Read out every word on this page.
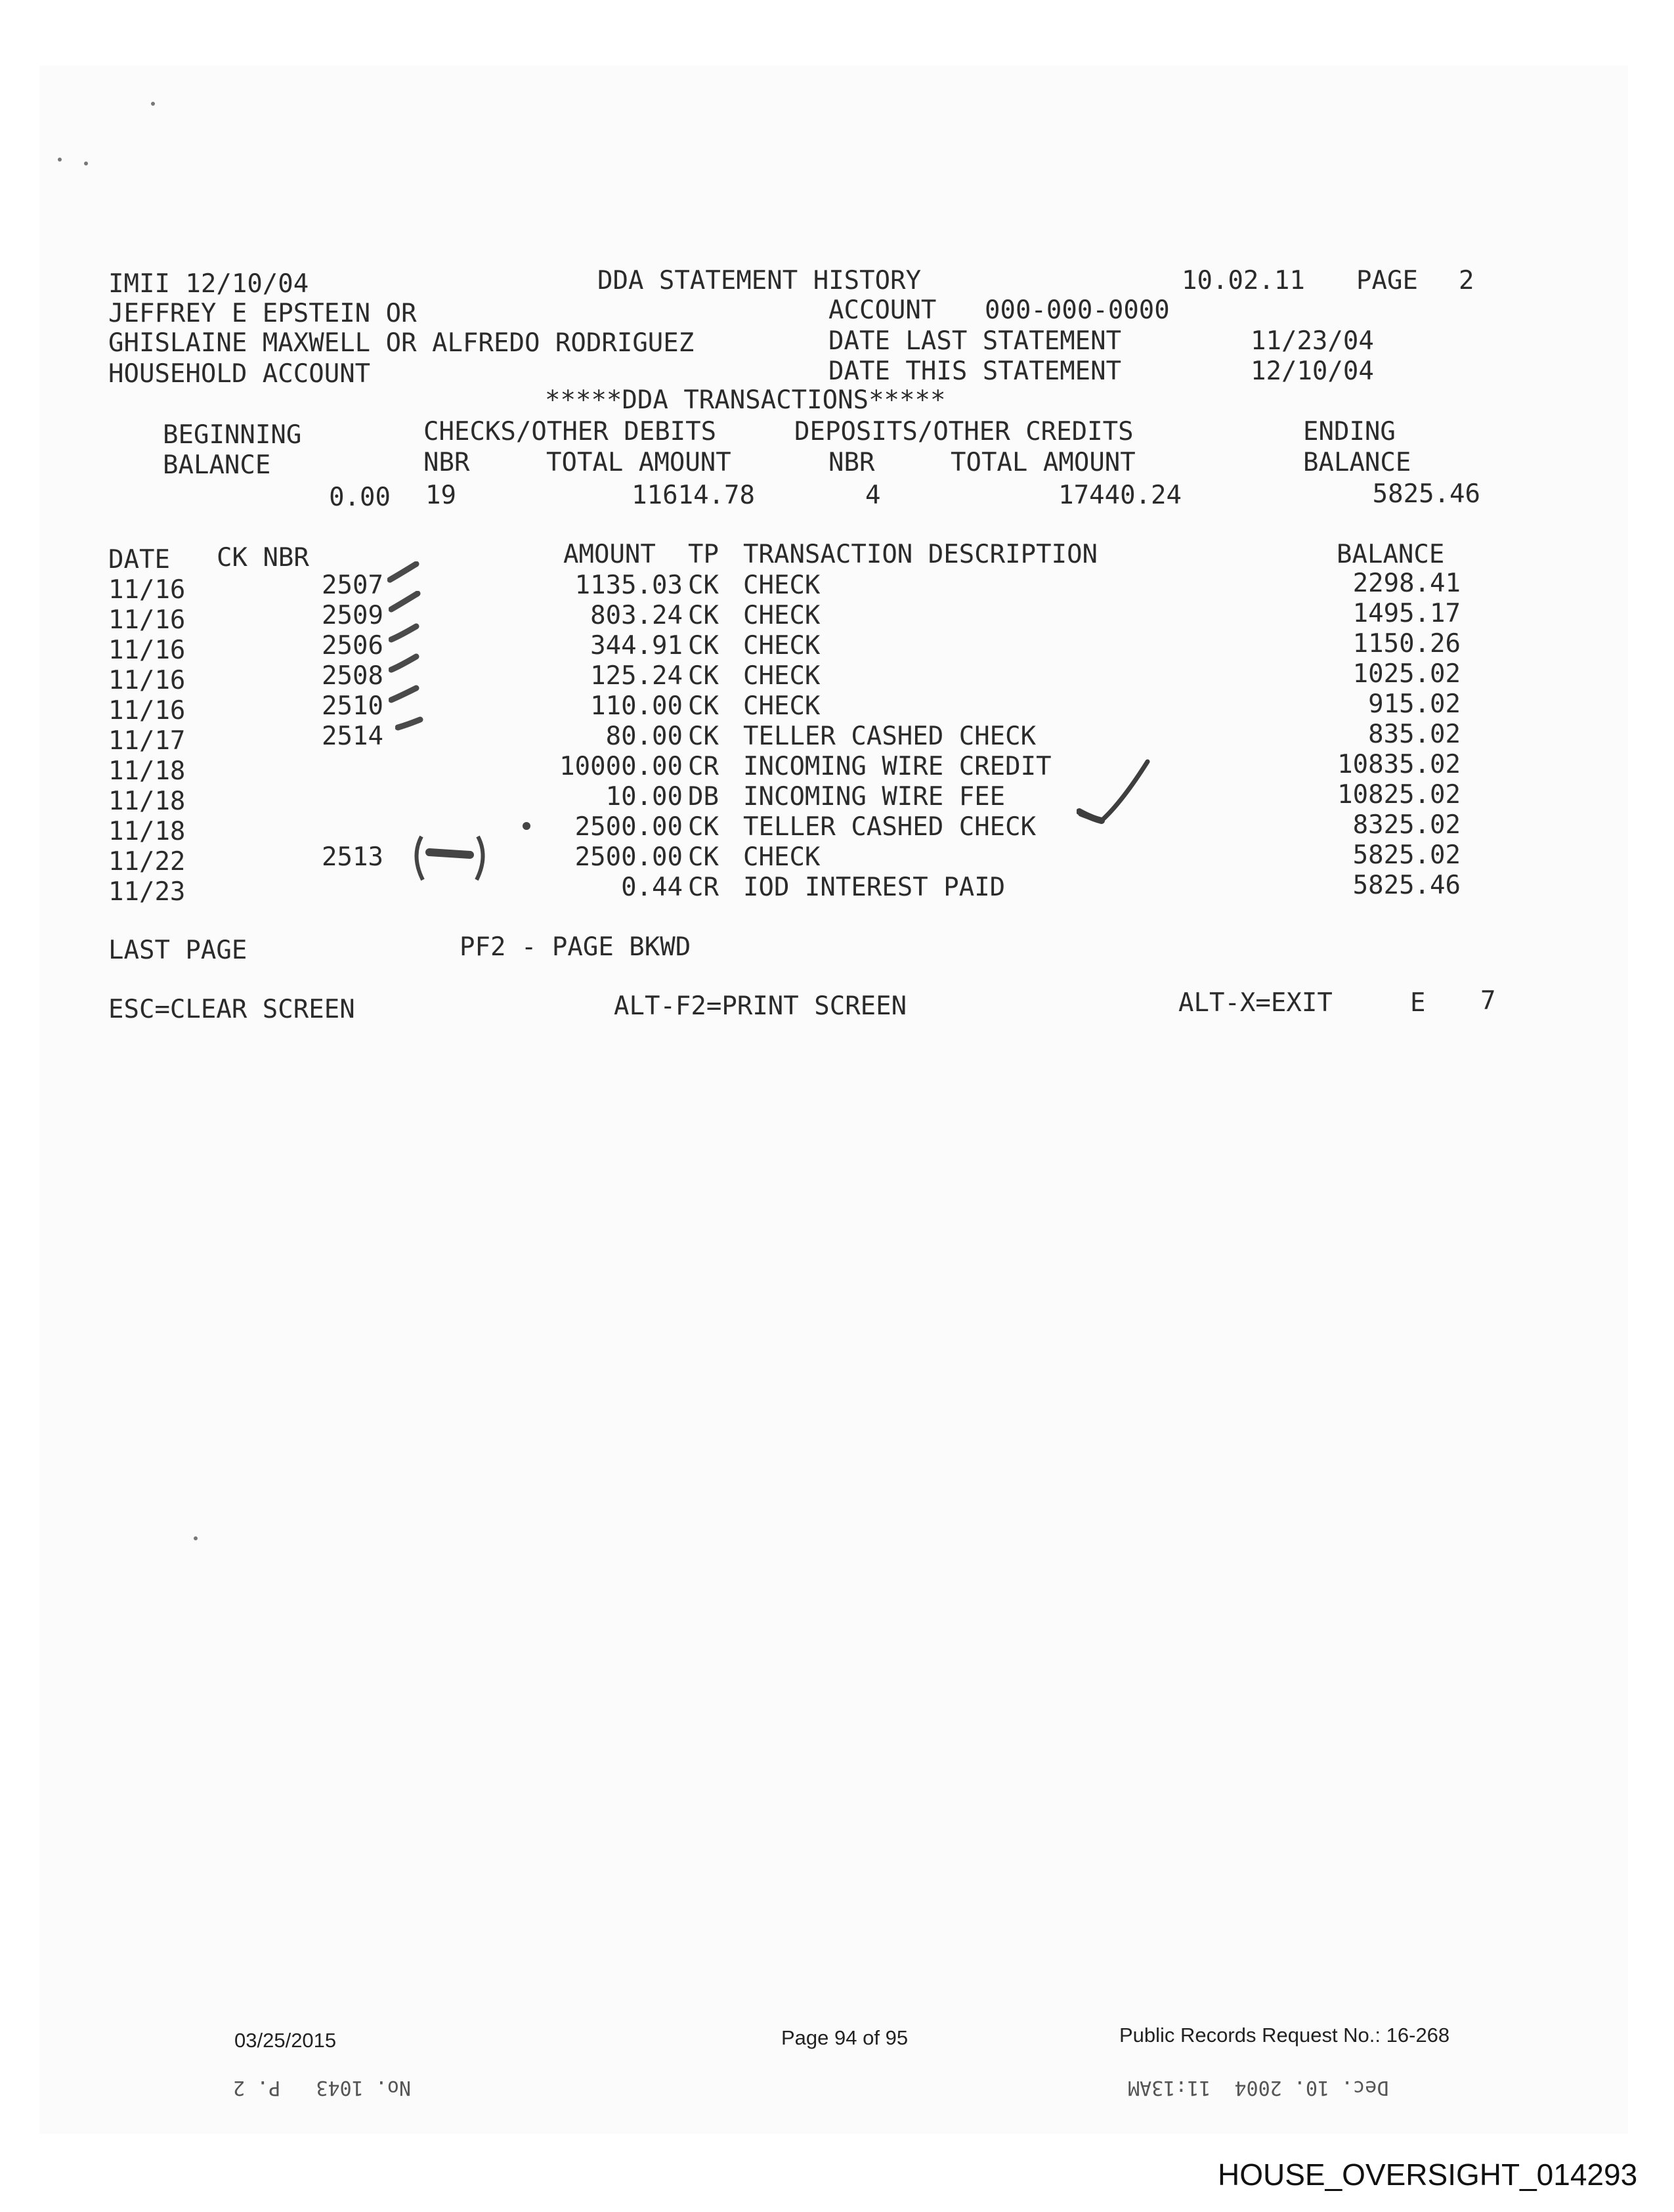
IMII 12/10/04	DDA STATEMENT HISTORY	10.02.11 PAGE 2
JEFFREY E EPSTEIN OR	ACCOUNT 000-000-0000
GHISLAINE MAXWELL OR ALFREDO RODRIGUEZ	DATE LAST STATEMENT	11/23/04
HOUSEHOLD ACCOUNT	DATE THIS STATEMENT	12/10/04
*****DDA TRANSACTIONS*****
BEGINNING
BALANCE
CHECKS/OTHER DEBITS	DEPOSITS/OTHER CREDITS	ENDING
NBR	TOTAL AMOUNT	NBR	TOTAL AMOUNT	BALANCE
0.00 19	11614.78	4	17440.24	5825.46
DATE CK NBR	AMOUNT TP TRANSACTION DESCRIPTION	BALANCE
11/16	2507	1135.03 CK CHECK	2298.41
11/16	2509	803.24 CK CHECK	1495.17
11/16	2506	344.91 CK CHECK	1150.26
11/16	2508	125.24 CK CHECK	1025.02
11/16	2510	110.00 CK CHECK	915.02
11/17	2514	80.00 CK TELLER CASHED CHECK	835.02
11/18	10000.00 CR INCOMING WIRE CREDIT	10835.02
11/18	10.00 DB INCOMING WIRE FEE	10825.02
11/18	2500.00 CK TELLER CASHED CHECK	8325.02
11/22	2513	2500.00 CK CHECK	5825.02
11/23	0.44 CR IOD INTEREST PAID	5825.46
LAST PAGE	PF2 - PAGE BKWD
ESC=CLEAR SCREEN	ALT-F2=PRINT SCREEN	ALT-X=EXIT	E 7
03/25/2015	Page 94 of 95	Public Records Request No.: 16-268
No. 1043   P. 2	Dec. 10. 2004  11:13AM
HOUSE_OVERSIGHT_014293
